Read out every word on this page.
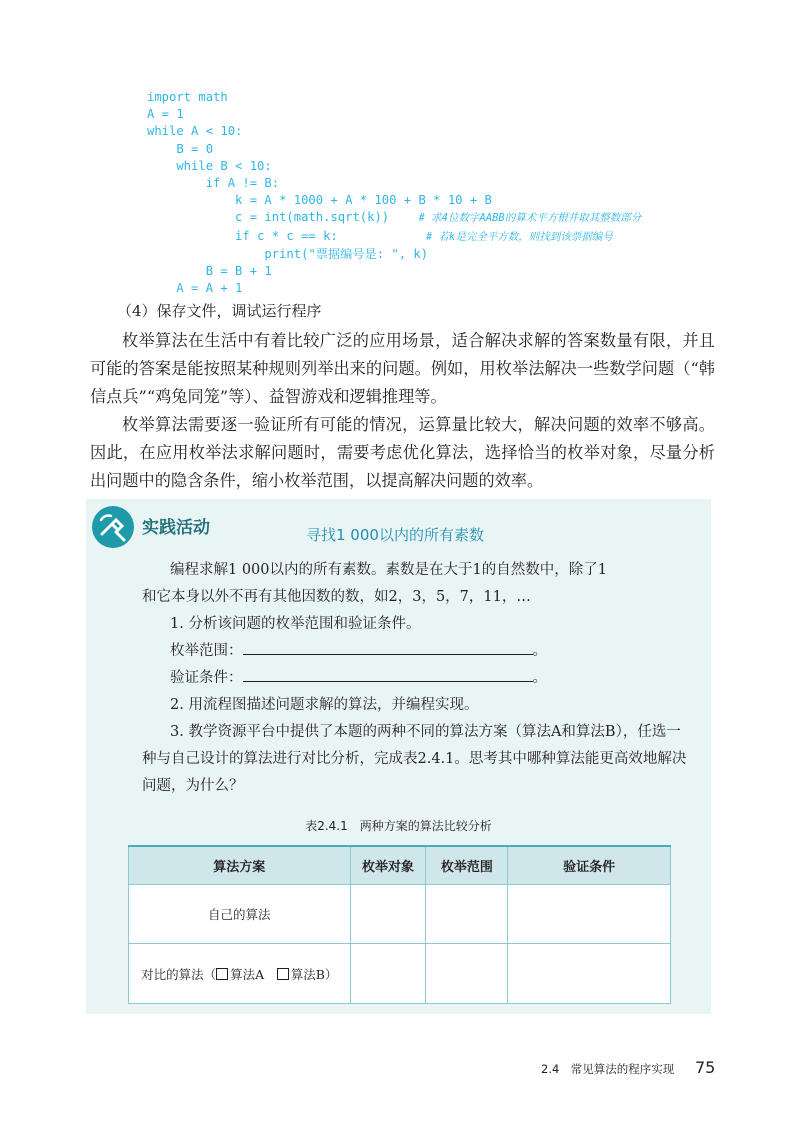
import math
A = 1
while A < 10:
B = 0
while B < 10:
if A != B:
k = A * 1000 + A * 100 + B * 10 + B
c = int(math.sqrt(k))	# 求4位数字AABB的算术平方根并取其整数部分
if c * c == k:	# 若k是完全平方数，则找到该票据编号
print("票据编号是: ", k)
B = B + 1
A = A + 1
（4）保存文件，调试运行程序

枚举算法在生活中有着比较广泛的应用场景，适合解决求解的答案数量有限，并且可能的答案是能按照某种规则列举出来的问题。例如，用枚举法解决一些数学问题（“韩信点兵”“鸡兔同笼”等）、益智游戏和逻辑推理等。

枚举算法需要逐一验证所有可能的情况，运算量比较大，解决问题的效率不够高。因此，在应用枚举法求解问题时，需要考虑优化算法，选择恰当的枚举对象，尽量分析出问题中的隐含条件，缩小枚举范围，以提高解决问题的效率。

实践活动	寻找1 000以内的所有素数

编程求解1 000以内的所有素数。素数是在大于1的自然数中，除了1

和它本身以外不再有其他因数的数，如2，3，5，7，11，…

1. 分析该问题的枚举范围和验证条件。

枚举范围：	。

验证条件：	。

2. 用流程图描述问题求解的算法，并编程实现。

3. 教学资源平台中提供了本题的两种不同的算法方案（算法A和算法B），任选一种与自己设计的算法进行对比分析，完成表2.4.1。思考其中哪种算法能更高效地解决问题，为什么？

表2.4.1　两种方案的算法比较分析
算法方案	枚举对象	枚举范围	验证条件
自己的算法			
对比的算法（ 算法A　 算法B）			
2.4　常见算法的程序实现 75
